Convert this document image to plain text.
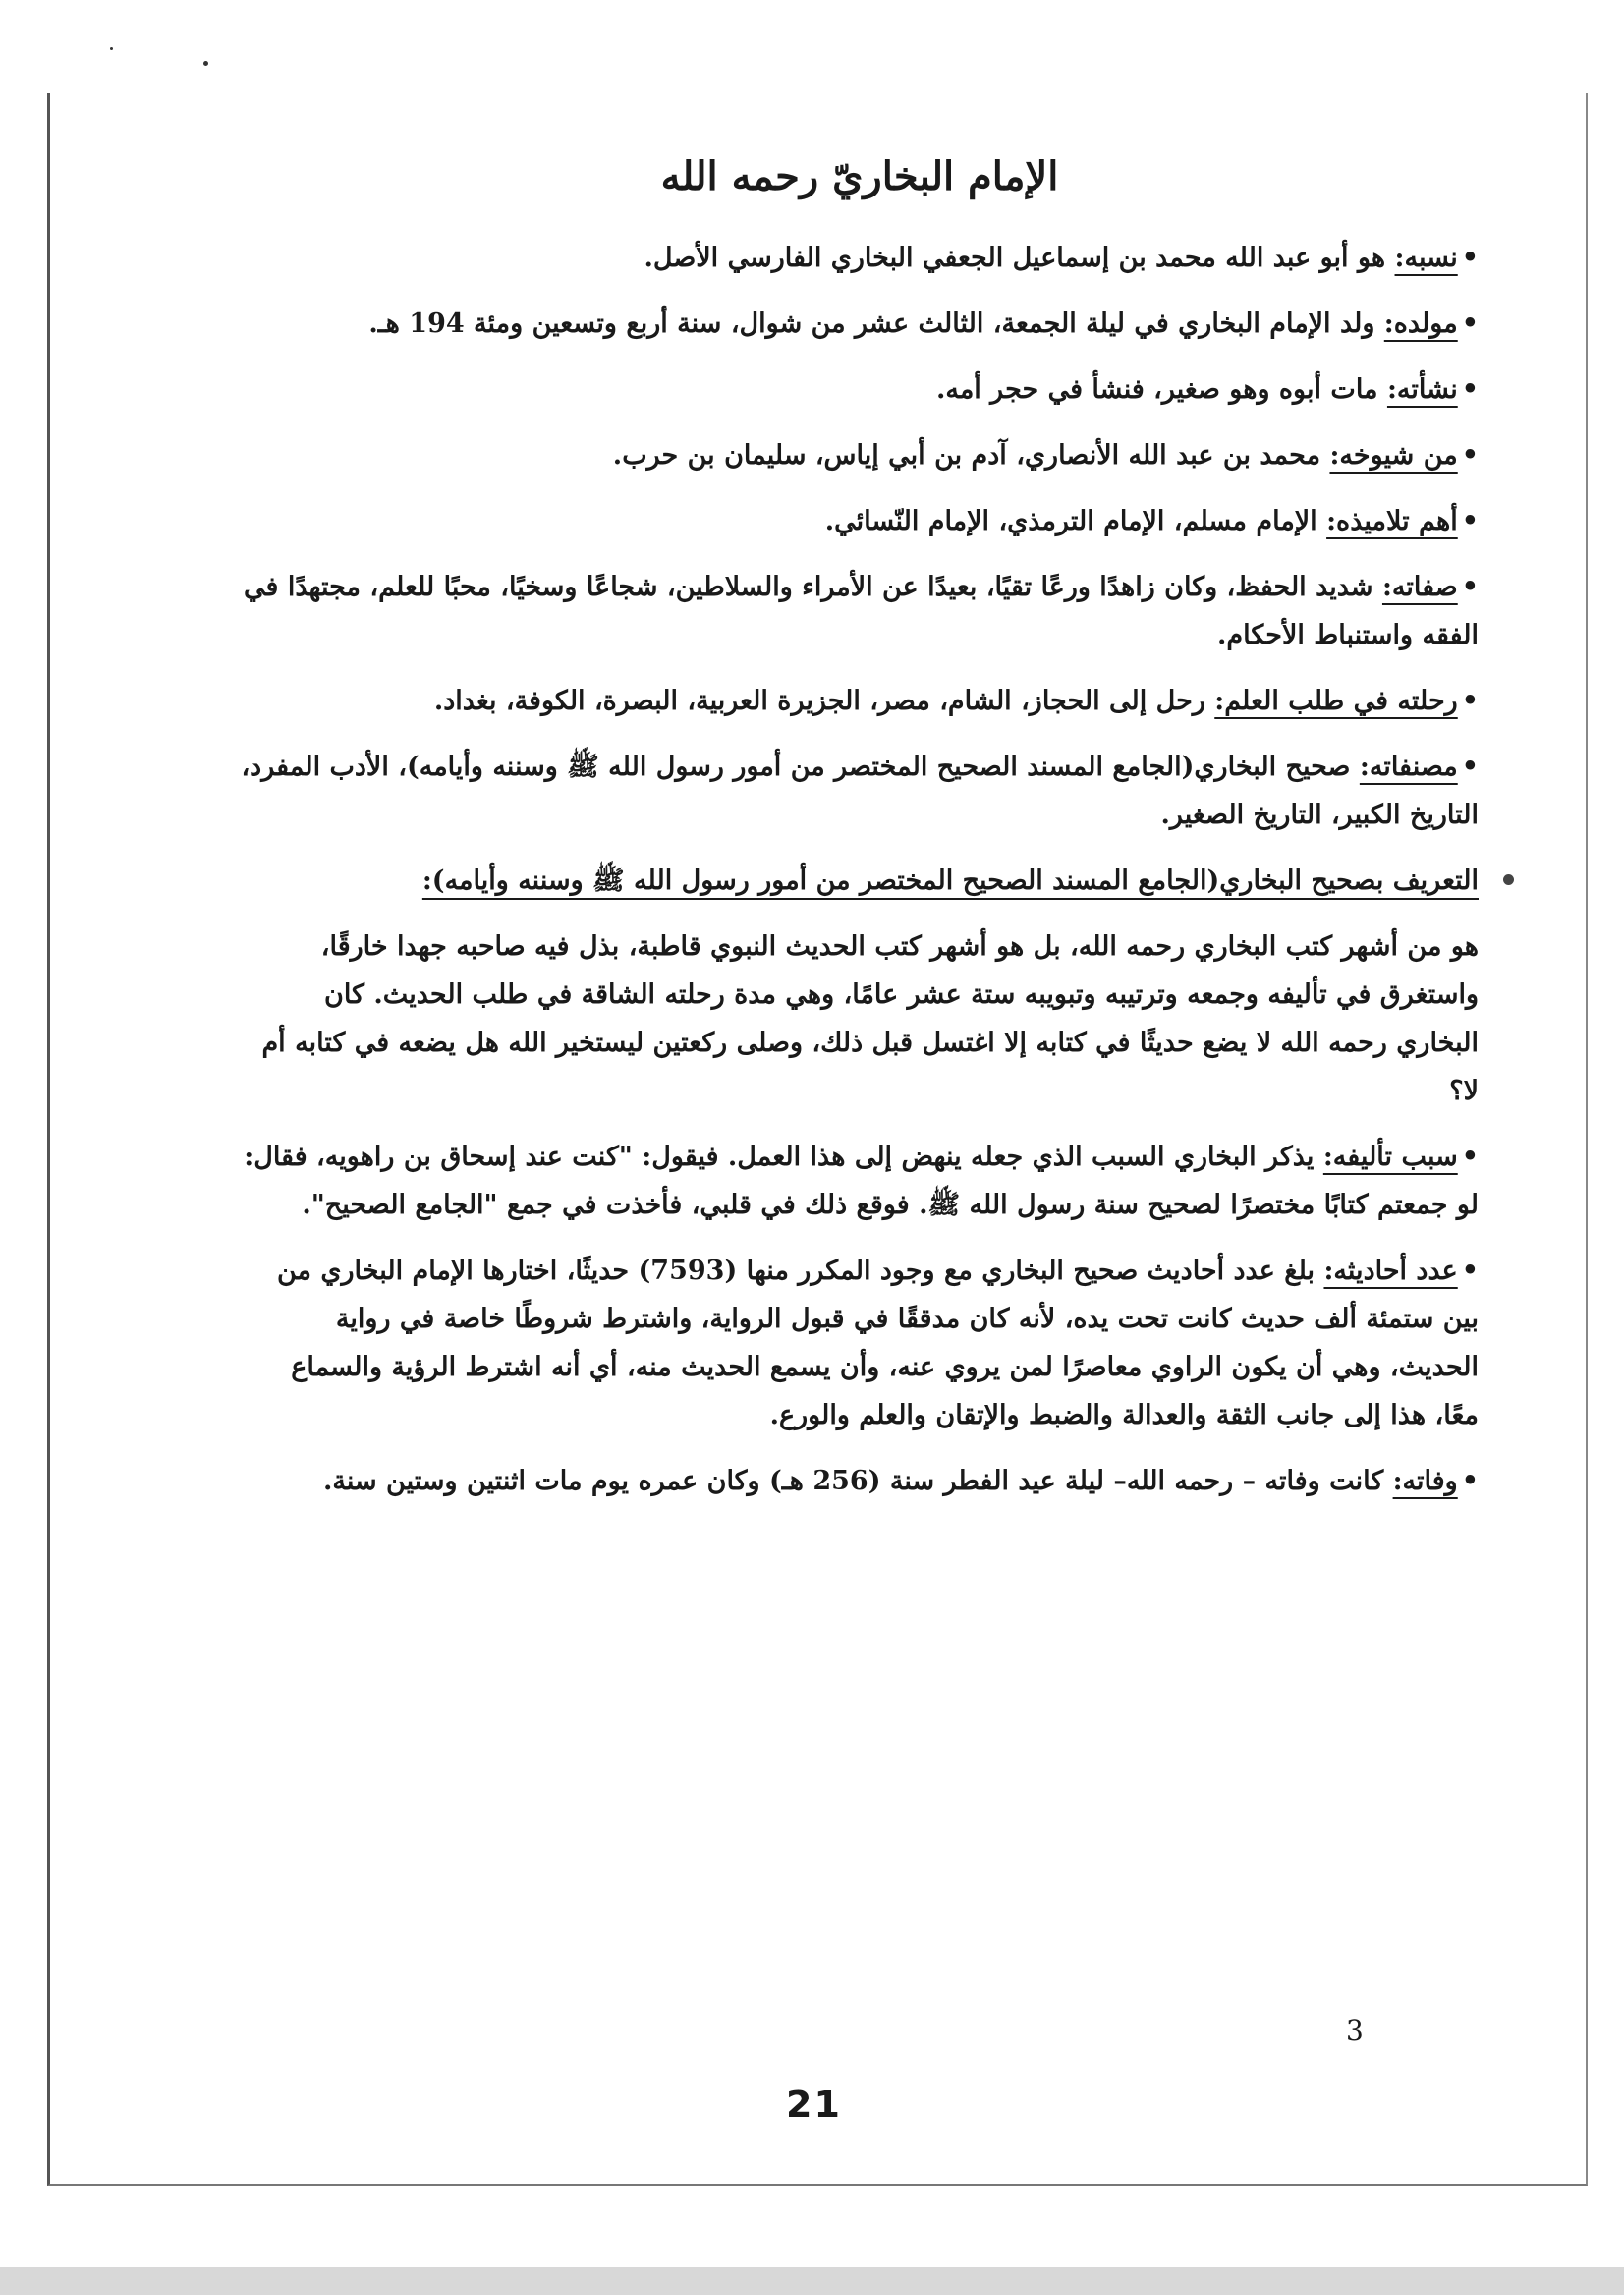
الإمام البخاريّ رحمه الله
•نسبه: هو أبو عبد الله محمد بن إسماعيل الجعفي البخاري الفارسي الأصل.
•مولده: ولد الإمام البخاري في ليلة الجمعة، الثالث عشر من شوال، سنة أربع وتسعين ومئة 194 هـ.
•نشأته: مات أبوه وهو صغير، فنشأ في حجر أمه.
•من شيوخه: محمد بن عبد الله الأنصاري، آدم بن أبي إياس، سليمان بن حرب.
•أهم تلاميذه: الإمام مسلم، الإمام الترمذي، الإمام النّسائي.
•صفاته: شديد الحفظ، وكان زاهدًا ورعًا تقيًا، بعيدًا عن الأمراء والسلاطين، شجاعًا وسخيًا، محبًا للعلم، مجتهدًا في الفقه واستنباط الأحكام.
•رحلته في طلب العلم: رحل إلى الحجاز، الشام، مصر، الجزيرة العربية، البصرة، الكوفة، بغداد.
•مصنفاته: صحيح البخاري(الجامع المسند الصحيح المختصر من أمور رسول الله ﷺ وسننه وأيامه)، الأدب المفرد، التاريخ الكبير، التاريخ الصغير.
التعريف بصحيح البخاري(الجامع المسند الصحيح المختصر من أمور رسول الله ﷺ وسننه وأيامه):
هو من أشهر كتب البخاري رحمه الله، بل هو أشهر كتب الحديث النبوي قاطبة، بذل فيه صاحبه جهدا خارقًا، واستغرق في تأليفه وجمعه وترتيبه وتبويبه ستة عشر عامًا، وهي مدة رحلته الشاقة في طلب الحديث. كان البخاري رحمه الله لا يضع حديثًا في كتابه إلا اغتسل قبل ذلك، وصلى ركعتين ليستخير الله هل يضعه في كتابه أم لا؟
•سبب تأليفه: يذكر البخاري السبب الذي جعله ينهض إلى هذا العمل. فيقول: "كنت عند إسحاق بن راهويه، فقال: لو جمعتم كتابًا مختصرًا لصحيح سنة رسول الله ﷺ. فوقع ذلك في قلبي، فأخذت في جمع "الجامع الصحيح".
•عدد أحاديثه: بلغ عدد أحاديث صحيح البخاري مع وجود المكرر منها (7593) حديثًا، اختارها الإمام البخاري من بين ستمئة ألف حديث كانت تحت يده، لأنه كان مدققًا في قبول الرواية، واشترط شروطًا خاصة في رواية الحديث، وهي أن يكون الراوي معاصرًا لمن يروي عنه، وأن يسمع الحديث منه، أي أنه اشترط الرؤية والسماع معًا، هذا إلى جانب الثقة والعدالة والضبط والإتقان والعلم والورع.
•وفاته: كانت وفاته – رحمه الله– ليلة عيد الفطر سنة (256 هـ) وكان عمره يوم مات اثنتين وستين سنة.
3
21
